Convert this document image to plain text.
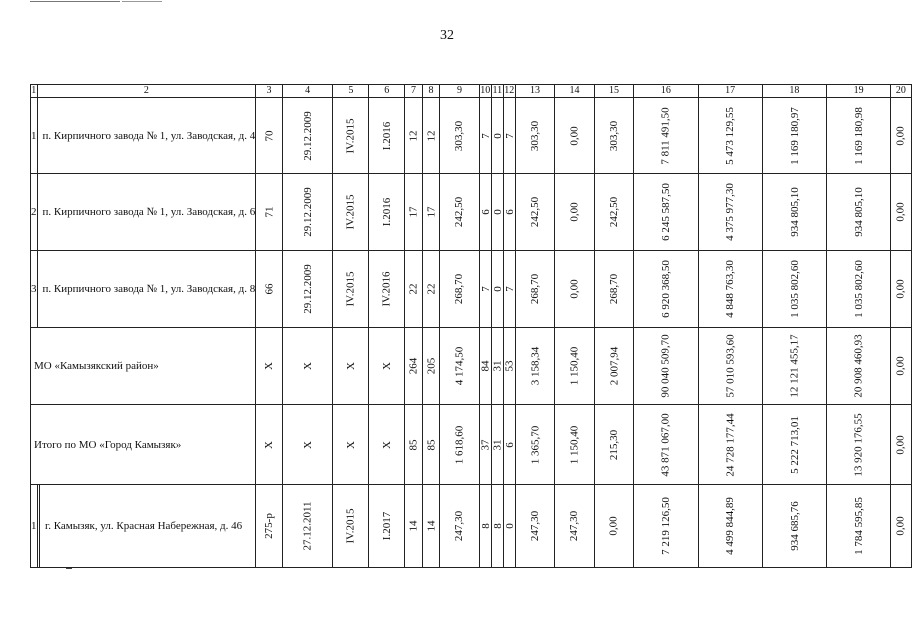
32
1	2		3	4	5	6	7	8	9	10	11	12	13	14	15	16	17	18	19	20
1	п. Кирпичного завода № 1, ул. Заводская, д. 4		70	29.12.2009	IV.2015	I.2016	12	12	303,30	7	0	7	303,30	0,00	303,30	7 811 491,50	5 473 129,55	1 169 180,97	1 169 180,98	0,00
2	п. Кирпичного завода № 1, ул. Заводская, д. 6		71	29.12.2009	IV.2015	I.2016	17	17	242,50	6	0	6	242,50	0,00	242,50	6 245 587,50	4 375 977,30	934 805,10	934 805,10	0,00
3	п. Кирпичного завода № 1, ул. Заводская, д. 8		66	29.12.2009	IV.2015	IV.2016	22	22	268,70	7	0	7	268,70	0,00	268,70	6 920 368,50	4 848 763,30	1 035 802,60	1 035 802,60	0,00
МО «Камызякский район»			X	X	X	X	264	205	4 174,50	84	31	53	3 158,34	1 150,40	2 007,94	90 040 509,70	57 010 593,60	12 121 455,17	20 908 460,93	0,00
Итого по МО «Город Камызяк»			X	X	X	X	85	85	1 618,60	37	31	6	1 365,70	1 150,40	215,30	43 871 067,00	24 728 177,44	5 222 713,01	13 920 176,55	0,00
1		г. Камызяк, ул. Красная Набережная, д. 46	275-р	27.12.2011	IV.2015	I.2017	14	14	247,30	8	8	0	247,30	247,30	0,00	7 219 126,50	4 499 844,89	934 685,76	1 784 595,85	0,00
